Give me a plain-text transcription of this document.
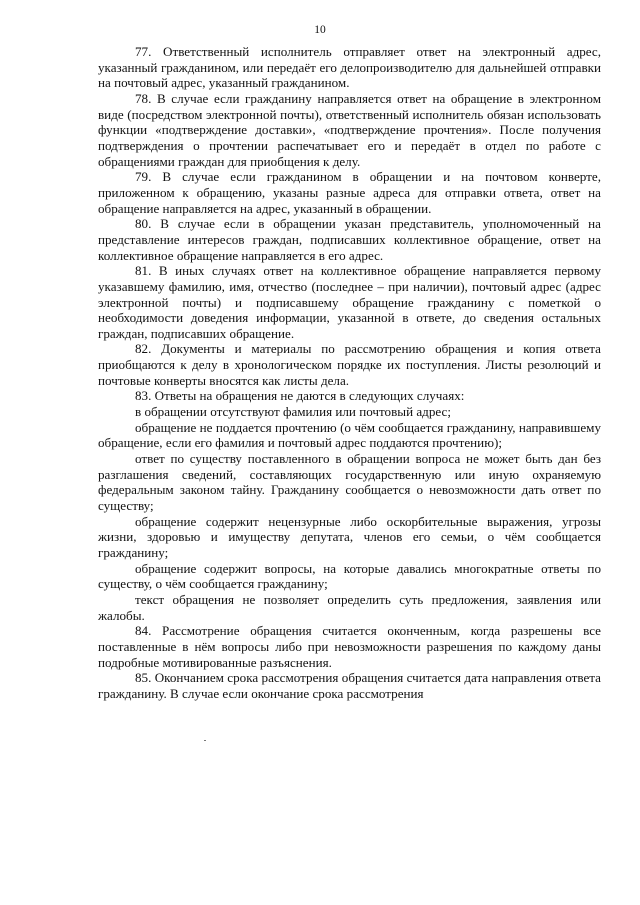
10

77. Ответственный исполнитель отправляет ответ на электронный адрес, указанный гражданином, или передаёт его делопроизводителю для дальнейшей отправки на почтовый адрес, указанный гражданином.

78. В случае если гражданину направляется ответ на обращение в электронном виде (посредством электронной почты), ответственный исполнитель обязан использовать функции «подтверждение доставки», «подтверждение прочтения». После получения подтверждения о прочтении распечатывает его и передаёт в отдел по работе с обращениями граждан для приобщения к делу.

79. В случае если гражданином в обращении и на почтовом конверте, приложенном к обращению, указаны разные адреса для отправки ответа, ответ на обращение направляется на адрес, указанный в обращении.

80. В случае если в обращении указан представитель, уполномоченный на представление интересов граждан, подписавших коллективное обращение, ответ на коллективное обращение направляется в его адрес.

81. В иных случаях ответ на коллективное обращение направляется первому указавшему фамилию, имя, отчество (последнее – при наличии), почтовый адрес (адрес электронной почты) и подписавшему обращение гражданину с пометкой о необходимости доведения информации, указанной в ответе, до сведения остальных граждан, подписавших обращение.

82. Документы и материалы по рассмотрению обращения и копия ответа приобщаются к делу в хронологическом порядке их поступления. Листы резолюций и почтовые конверты вносятся как листы дела.

83. Ответы на обращения не даются в следующих случаях:

в обращении отсутствуют фамилия или почтовый адрес;

обращение не поддается прочтению (о чём сообщается гражданину, направившему обращение, если его фамилия и почтовый адрес поддаются прочтению);

ответ по существу поставленного в обращении вопроса не может быть дан без разглашения сведений, составляющих государственную или иную охраняемую федеральным законом тайну. Гражданину сообщается о невозможности дать ответ по существу;

обращение содержит нецензурные либо оскорбительные выражения, угрозы жизни, здоровью и имуществу депутата, членов его семьи, о чём сообщается гражданину;

обращение содержит вопросы, на которые давались многократные ответы по существу, о чём сообщается гражданину;

текст обращения не позволяет определить суть предложения, заявления или жалобы.

84. Рассмотрение обращения считается оконченным, когда разрешены все поставленные в нём вопросы либо при невозможности разрешения по каждому даны подробные мотивированные разъяснения.

85. Окончанием срока рассмотрения обращения считается дата направления ответа гражданину. В случае если окончание срока рассмотрения
